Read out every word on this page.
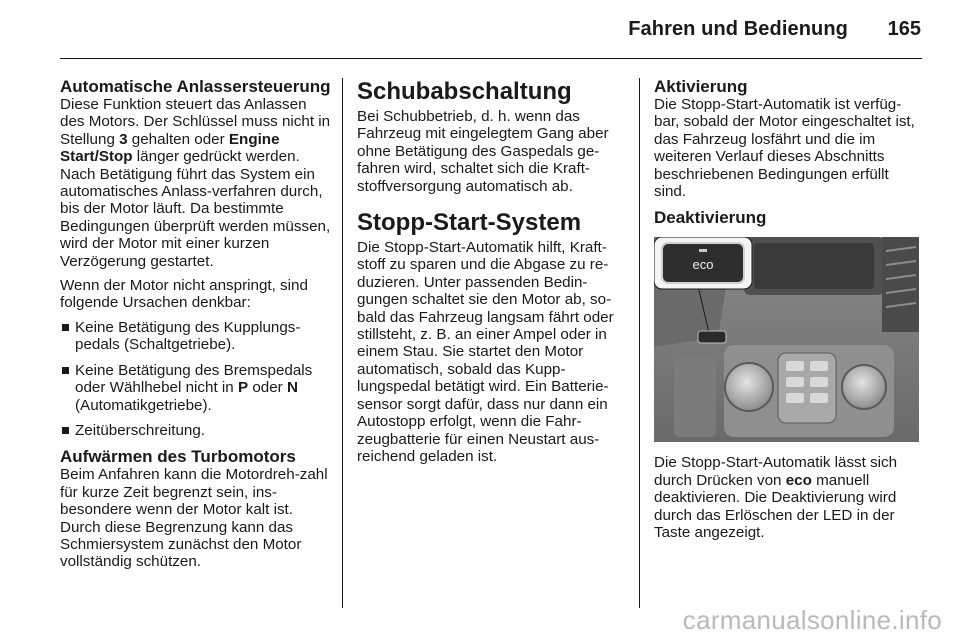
Fahren und Bedienung 165
Automatische Anlassersteuerung

Diese Funktion steuert das Anlassen des Motors. Der Schlüssel muss nicht in Stellung 3 gehalten oder Engine Start/Stop länger gedrückt werden. Nach Betätigung führt das System ein automatisches Anlass-verfahren durch, bis der Motor läuft. Da bestimmte Bedingungen überprüft werden müssen, wird der Motor mit einer kurzen Verzögerung gestartet.

Wenn der Motor nicht anspringt, sind folgende Ursachen denkbar:

Keine Betätigung des Kupplungs-pedals (Schaltgetriebe).
Keine Betätigung des Bremspedals oder Wählhebel nicht in P oder N (Automatikgetriebe).
Zeitüberschreitung.
Aufwärmen des Turbomotors

Beim Anfahren kann die Motordreh-zahl für kurze Zeit begrenzt sein, ins-besondere wenn der Motor kalt ist. Durch diese Begrenzung kann das Schmiersystem zunächst den Motor vollständig schützen.

Schubabschaltung

Bei Schubbetrieb, d. h. wenn das Fahrzeug mit eingelegtem Gang aber ohne Betätigung des Gaspedals ge-fahren wird, schaltet sich die Kraft-stoffversorgung automatisch ab.

Stopp-Start-System

Die Stopp-Start-Automatik hilft, Kraft-stoff zu sparen und die Abgase zu re-duzieren. Unter passenden Bedin-gungen schaltet sie den Motor ab, so-bald das Fahrzeug langsam fährt oder stillsteht, z. B. an einer Ampel oder in einem Stau. Sie startet den Motor automatisch, sobald das Kupp-lungspedal betätigt wird. Ein Batterie-sensor sorgt dafür, dass nur dann ein Autostopp erfolgt, wenn die Fahr-zeugbatterie für einen Neustart aus-reichend geladen ist.

Aktivierung

Die Stopp-Start-Automatik ist verfüg-bar, sobald der Motor eingeschaltet ist, das Fahrzeug losfährt und die im weiteren Verlauf dieses Abschnitts beschriebenen Bedingungen erfüllt sind.

Deaktivierung
eco

Die Stopp-Start-Automatik lässt sich durch Drücken von eco manuell deaktivieren. Die Deaktivierung wird durch das Erlöschen der LED in der Taste angezeigt.

carmanualsonline.info
